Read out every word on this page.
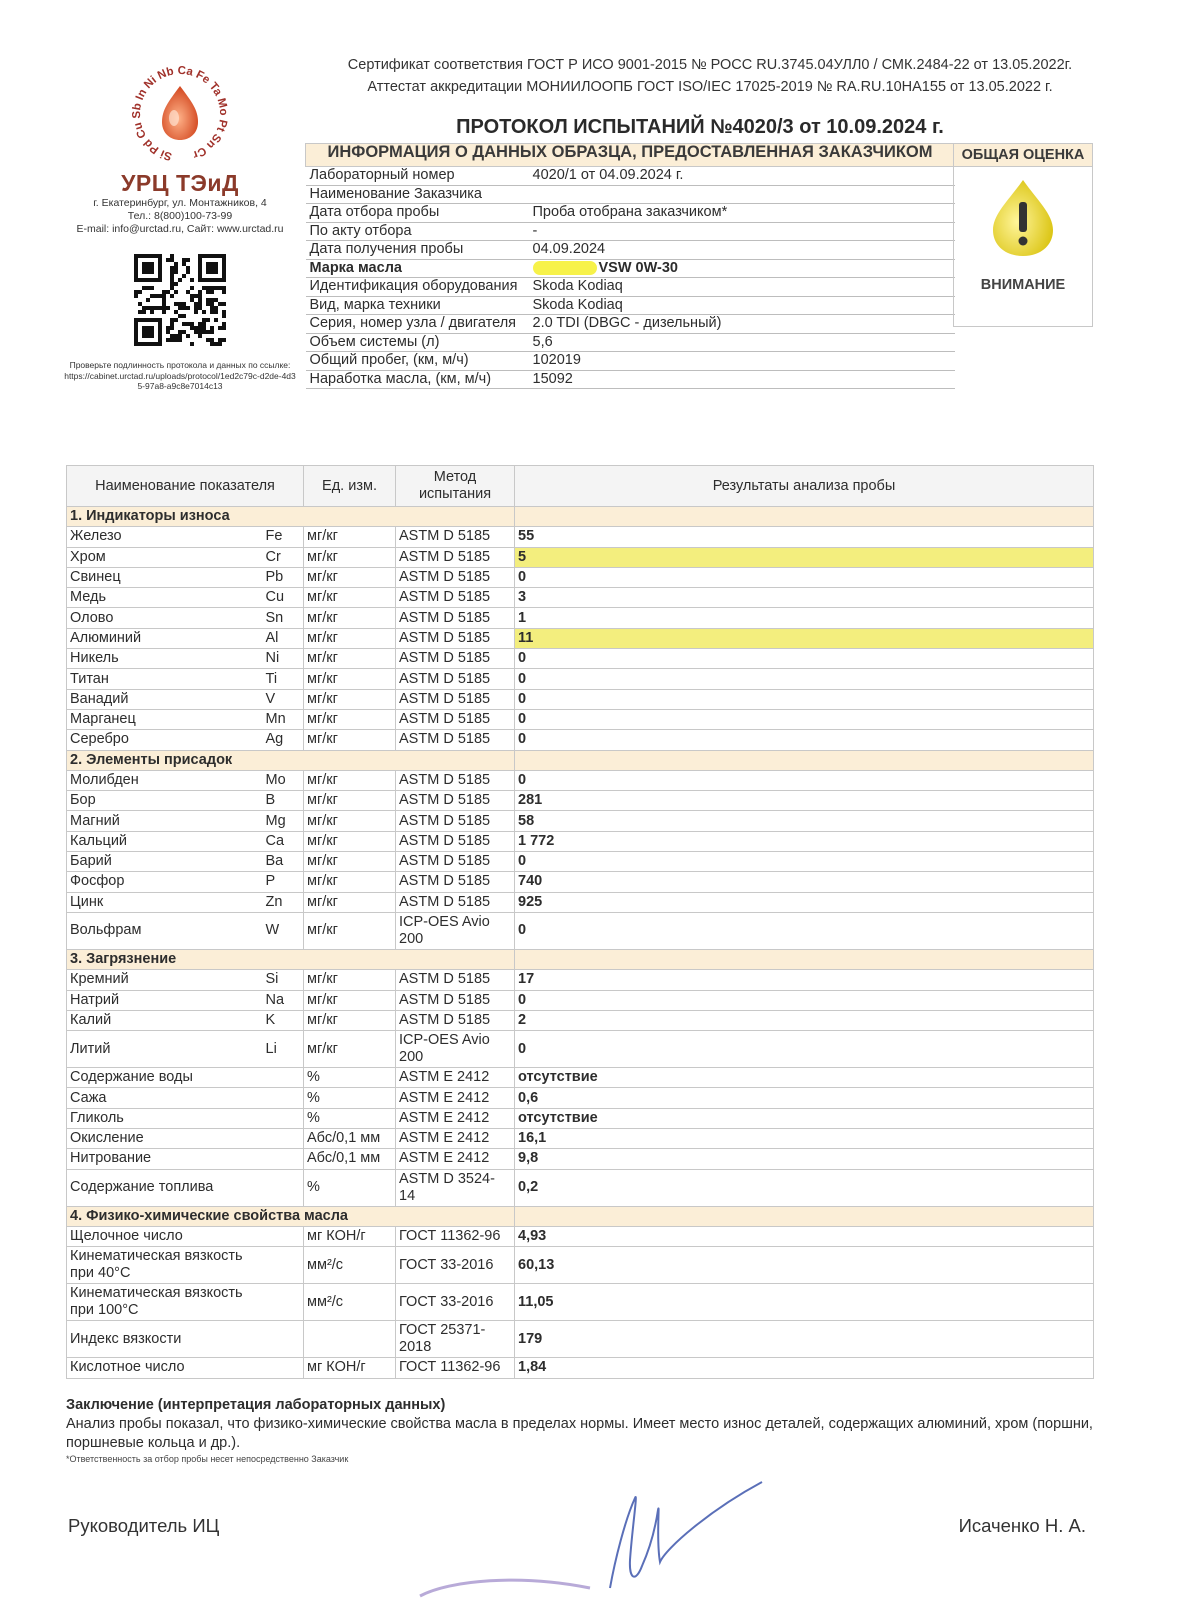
Сертификат соответствия ГОСТ Р ИСО 9001-2015 № РОСС RU.3745.04УЛЛ0 / СМК.2484-22 от 13.05.2022г.
Аттестат аккредитации МОНИИЛООПБ ГОСТ ISO/IEC 17025-2019 № RA.RU.10НА155 от 13.05.2022 г.
Si Pd Cu Sb In Ni Nb Ca Fe Ta Mo Pt Sn Cr
УРЦ ТЭиД
г. Екатеринбург, ул. Монтажников, 4
Тел.: 8(800)100-73-99
E-mail: info@urctad.ru, Сайт: www.urctad.ru
Проверьте подлинность протокола и данных по ссылке:
https://cabinet.urctad.ru/uploads/protocol/1ed2c79c-d2de-4d35-97a8-a9c8e7014c13
ПРОТОКОЛ ИСПЫТАНИЙ №4020/3 от 10.09.2024 г.
ИНФОРМАЦИЯ О ДАННЫХ ОБРАЗЦА, ПРЕДОСТАВЛЕННАЯ ЗАКАЗЧИКОМ	
Лабораторный номер	4020/1 от 04.09.2024 г.
Наименование Заказчика	
Дата отбора пробы	Проба отобрана заказчиком*
По акту отбора	-
Дата получения пробы	04.09.2024
Марка масла	VSW 0W-30
Идентификация оборудования	Skoda Kodiaq
Вид, марка техники	Skoda Kodiaq
Серия, номер узла / двигателя	2.0 TDI (DBGC - дизельный)
Объем системы (л)	5,6
Общий пробег, (км, м/ч)	102019
Наработка масла, (км, м/ч)	15092
ОБЩАЯ ОЦЕНКА
ВНИМАНИЕ
Наименование показателя		Ед. изм.	Метод испытания	Результаты анализа пробы
1. Индикаторы износа				
Железо	Fe	мг/кг	ASTM D 5185	55
Хром	Cr	мг/кг	ASTM D 5185	5
Свинец	Pb	мг/кг	ASTM D 5185	0
Медь	Cu	мг/кг	ASTM D 5185	3
Олово	Sn	мг/кг	ASTM D 5185	1
Алюминий	Al	мг/кг	ASTM D 5185	11
Никель	Ni	мг/кг	ASTM D 5185	0
Титан	Ti	мг/кг	ASTM D 5185	0
Ванадий	V	мг/кг	ASTM D 5185	0
Марганец	Mn	мг/кг	ASTM D 5185	0
Серебро	Ag	мг/кг	ASTM D 5185	0
2. Элементы присадок				
Молибден	Mo	мг/кг	ASTM D 5185	0
Бор	B	мг/кг	ASTM D 5185	281
Магний	Mg	мг/кг	ASTM D 5185	58
Кальций	Ca	мг/кг	ASTM D 5185	1 772
Барий	Ba	мг/кг	ASTM D 5185	0
Фосфор	P	мг/кг	ASTM D 5185	740
Цинк	Zn	мг/кг	ASTM D 5185	925
Вольфрам	W	мг/кг	ICP-OES Avio 200	0
3. Загрязнение				
Кремний	Si	мг/кг	ASTM D 5185	17
Натрий	Na	мг/кг	ASTM D 5185	0
Калий	K	мг/кг	ASTM D 5185	2
Литий	Li	мг/кг	ICP-OES Avio 200	0
Содержание воды		%	ASTM E 2412	отсутствие
Сажа		%	ASTM E 2412	0,6
Гликоль		%	ASTM E 2412	отсутствие
Окисление		Абс/0,1 мм	ASTM E 2412	16,1
Нитрование		Абс/0,1 мм	ASTM E 2412	9,8
Содержание топлива		%	ASTM D 3524-14	0,2
4. Физико-химические свойства масла				
Щелочное число		мг КОН/г	ГОСТ 11362-96	4,93
Кинематическая вязкость при 40°С		мм²/с	ГОСТ 33-2016	60,13
Кинематическая вязкость при 100°С		мм²/с	ГОСТ 33-2016	11,05
Индекс вязкости			ГОСТ 25371-2018	179
Кислотное число		мг КОН/г	ГОСТ 11362-96	1,84
Заключение (интерпретация лабораторных данных)
Анализ пробы показал, что физико-химические свойства масла в пределах нормы. Имеет место износ деталей, содержащих алюминий, хром (поршни, поршневые кольца и др.).
*Ответственность за отбор пробы несет непосредственно Заказчик
Руководитель ИЦ	Исаченко Н. А.
